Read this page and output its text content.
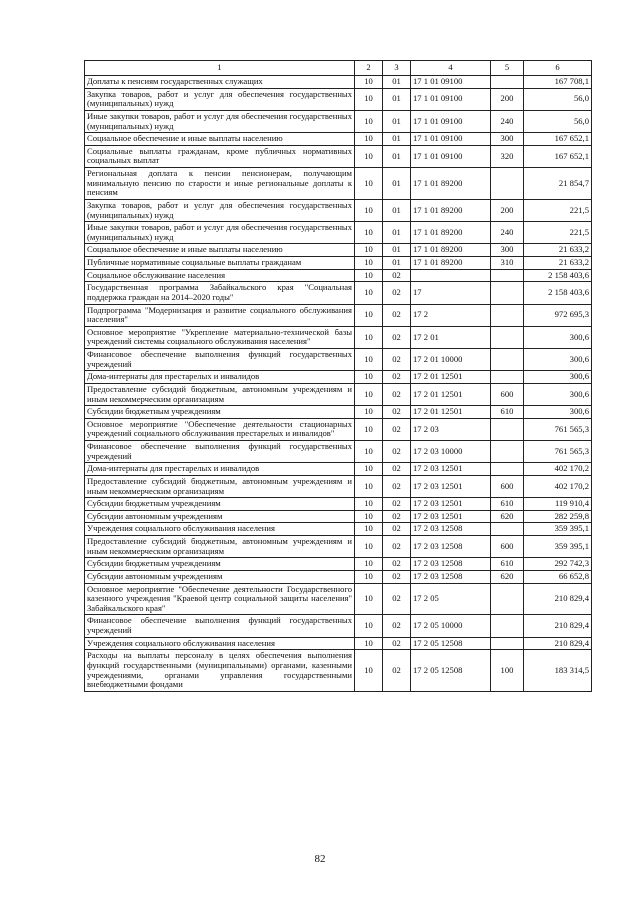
1	2	3	4	5	6
Доплаты к пенсиям государственных служащих	10	01	17 1 01 09100		167 708,1
Закупка товаров, работ и услуг для обеспечения государственных (муниципальных) нужд	10	01	17 1 01 09100	200	56,0
Иные закупки товаров, работ и услуг для обеспечения государственных (муниципальных) нужд	10	01	17 1 01 09100	240	56,0
Социальное обеспечение и иные выплаты населению	10	01	17 1 01 09100	300	167 652,1
Социальные выплаты гражданам, кроме публичных нормативных социальных выплат	10	01	17 1 01 09100	320	167 652,1
Региональная доплата к пенсии пенсионерам, получающим минимальную пенсию по старости и иные региональные доплаты к пенсиям	10	01	17 1 01 89200		21 854,7
Закупка товаров, работ и услуг для обеспечения государственных (муниципальных) нужд	10	01	17 1 01 89200	200	221,5
Иные закупки товаров, работ и услуг для обеспечения государственных (муниципальных) нужд	10	01	17 1 01 89200	240	221,5
Социальное обеспечение и иные выплаты населению	10	01	17 1 01 89200	300	21 633,2
Публичные нормативные социальные выплаты гражданам	10	01	17 1 01 89200	310	21 633,2
Социальное обслуживание населения	10	02			2 158 403,6
Государственная программа Забайкальского края "Социальная поддержка граждан на 2014–2020 годы"	10	02	17		2 158 403,6
Подпрограмма "Модернизация и развитие социального обслуживания населения"	10	02	17 2		972 695,3
Основное мероприятие "Укрепление материально-технической базы учреждений системы социального обслуживания населения"	10	02	17 2 01		300,6
Финансовое обеспечение выполнения функций государственных учреждений	10	02	17 2 01 10000		300,6
Дома-интернаты для престарелых и инвалидов	10	02	17 2 01 12501		300,6
Предоставление субсидий бюджетным, автономным учреждениям и иным некоммерческим организациям	10	02	17 2 01 12501	600	300,6
Субсидии бюджетным учреждениям	10	02	17 2 01 12501	610	300,6
Основное мероприятие "Обеспечение деятельности стационарных учреждений социального обслуживания престарелых и инвалидов"	10	02	17 2 03		761 565,3
Финансовое обеспечение выполнения функций государственных учреждений	10	02	17 2 03 10000		761 565,3
Дома-интернаты для престарелых и инвалидов	10	02	17 2 03 12501		402 170,2
Предоставление субсидий бюджетным, автономным учреждениям и иным некоммерческим организациям	10	02	17 2 03 12501	600	402 170,2
Субсидии бюджетным учреждениям	10	02	17 2 03 12501	610	119 910,4
Субсидии автономным учреждениям	10	02	17 2 03 12501	620	282 259,8
Учреждения социального обслуживания населения	10	02	17 2 03 12508		359 395,1
Предоставление субсидий бюджетным, автономным учреждениям и иным некоммерческим организациям	10	02	17 2 03 12508	600	359 395,1
Субсидии бюджетным учреждениям	10	02	17 2 03 12508	610	292 742,3
Субсидии автономным учреждениям	10	02	17 2 03 12508	620	66 652,8
Основное мероприятие "Обеспечение деятельности Государственного казенного учреждения "Краевой центр социальной защиты населения" Забайкальского края"	10	02	17 2 05		210 829,4
Финансовое обеспечение выполнения функций государственных учреждений	10	02	17 2 05 10000		210 829,4
Учреждения социального обслуживания населения	10	02	17 2 05 12508		210 829,4
Расходы на выплаты персоналу в целях обеспечения выполнения функций государственными (муниципальными) органами, казенными учреждениями, органами управления государственными внебюджетными фондами	10	02	17 2 05 12508	100	183 314,5
82
